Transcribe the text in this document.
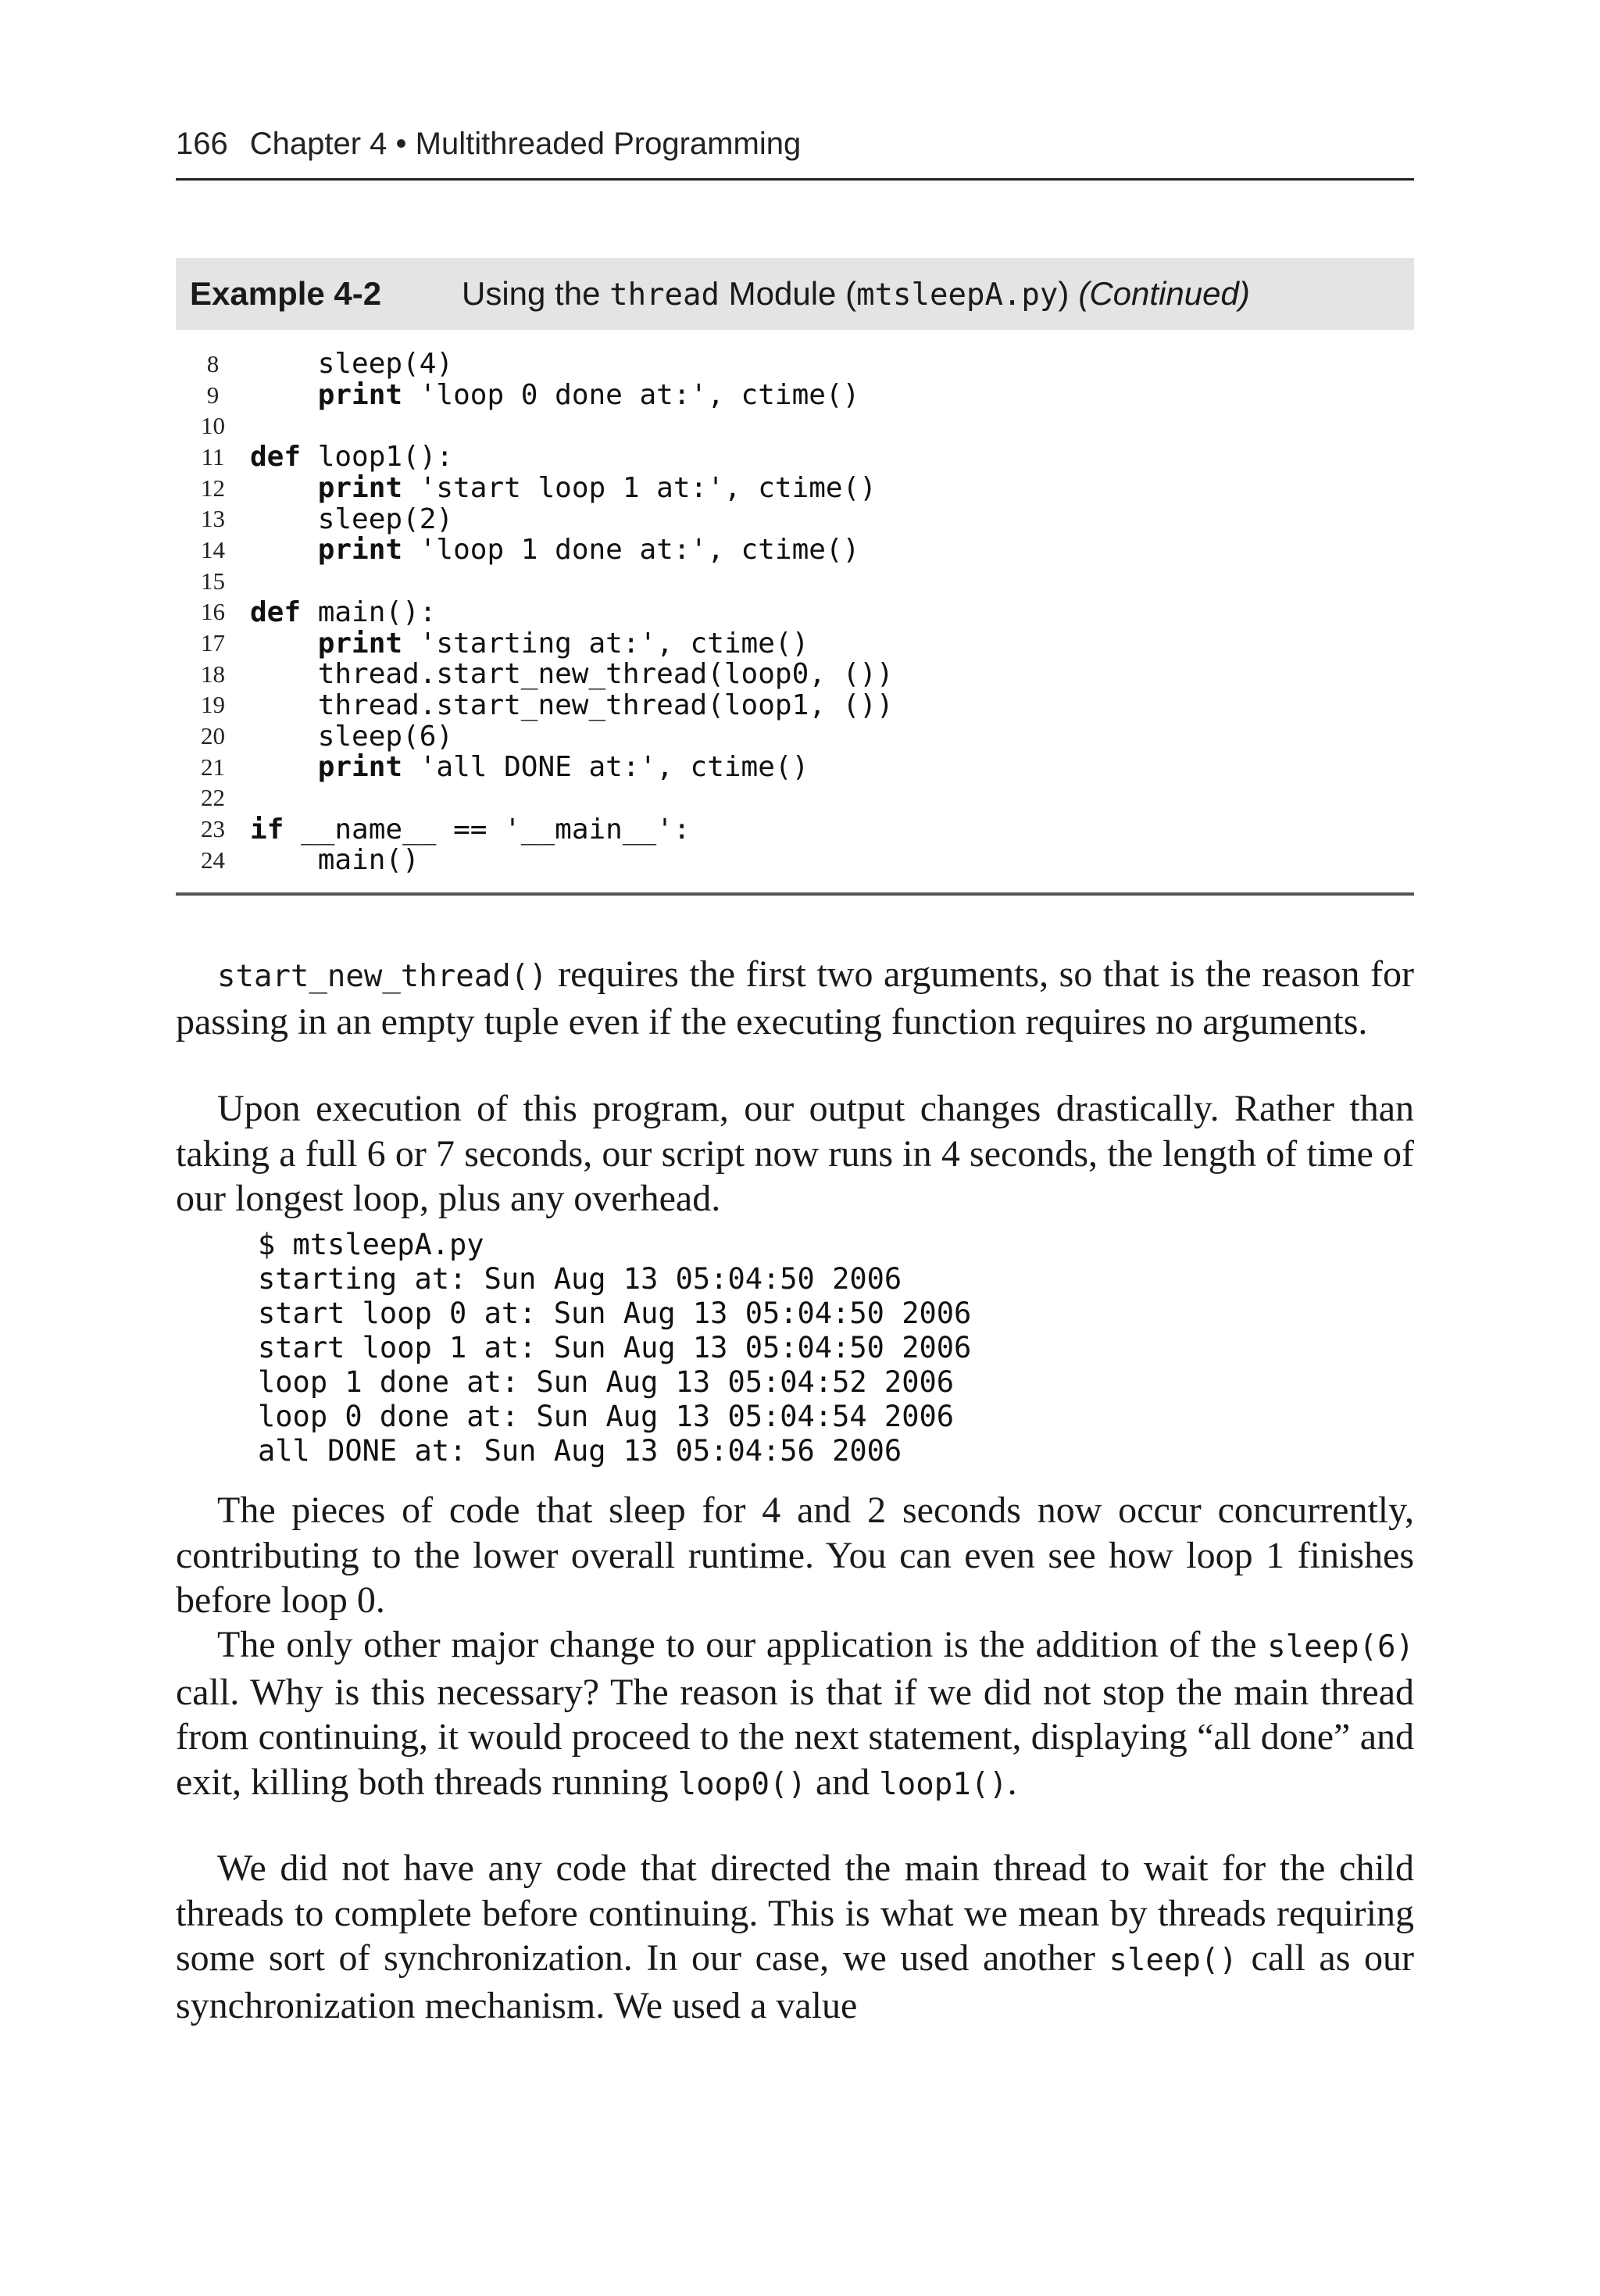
166 Chapter 4 • Multithreaded Programming
Example 4-2	Using the thread Module (mtsleepA.py) (Continued)
8	sleep(4)
9	print 'loop 0 done at:', ctime()
10
11 def loop1():
12	print 'start loop 1 at:', ctime()
13	sleep(2)
14	print 'loop 1 done at:', ctime()
15
16 def main():
17	print 'starting at:', ctime()
18	thread.start_new_thread(loop0, ())
19	thread.start_new_thread(loop1, ())
20	sleep(6)
21	print 'all DONE at:', ctime()
22
23 if __name__ == '__main__':
24	main()

start_new_thread() requires the first two arguments, so that is the reason for passing in an empty tuple even if the executing function requires no arguments.

Upon execution of this program, our output changes drastically. Rather than taking a full 6 or 7 seconds, our script now runs in 4 seconds, the length of time of our longest loop, plus any overhead.

$ mtsleepA.py
starting at: Sun Aug 13 05:04:50 2006
start loop 0 at: Sun Aug 13 05:04:50 2006
start loop 1 at: Sun Aug 13 05:04:50 2006
loop 1 done at: Sun Aug 13 05:04:52 2006
loop 0 done at: Sun Aug 13 05:04:54 2006
all DONE at: Sun Aug 13 05:04:56 2006

The pieces of code that sleep for 4 and 2 seconds now occur concurrently, contributing to the lower overall runtime. You can even see how loop 1 finishes before loop 0.

The only other major change to our application is the addition of the sleep(6) call. Why is this necessary? The reason is that if we did not stop the main thread from continuing, it would proceed to the next statement, displaying “all done” and exit, killing both threads running loop0() and loop1().

We did not have any code that directed the main thread to wait for the child threads to complete before continuing. This is what we mean by threads requiring some sort of synchronization. In our case, we used another sleep() call as our synchronization mechanism. We used a value
